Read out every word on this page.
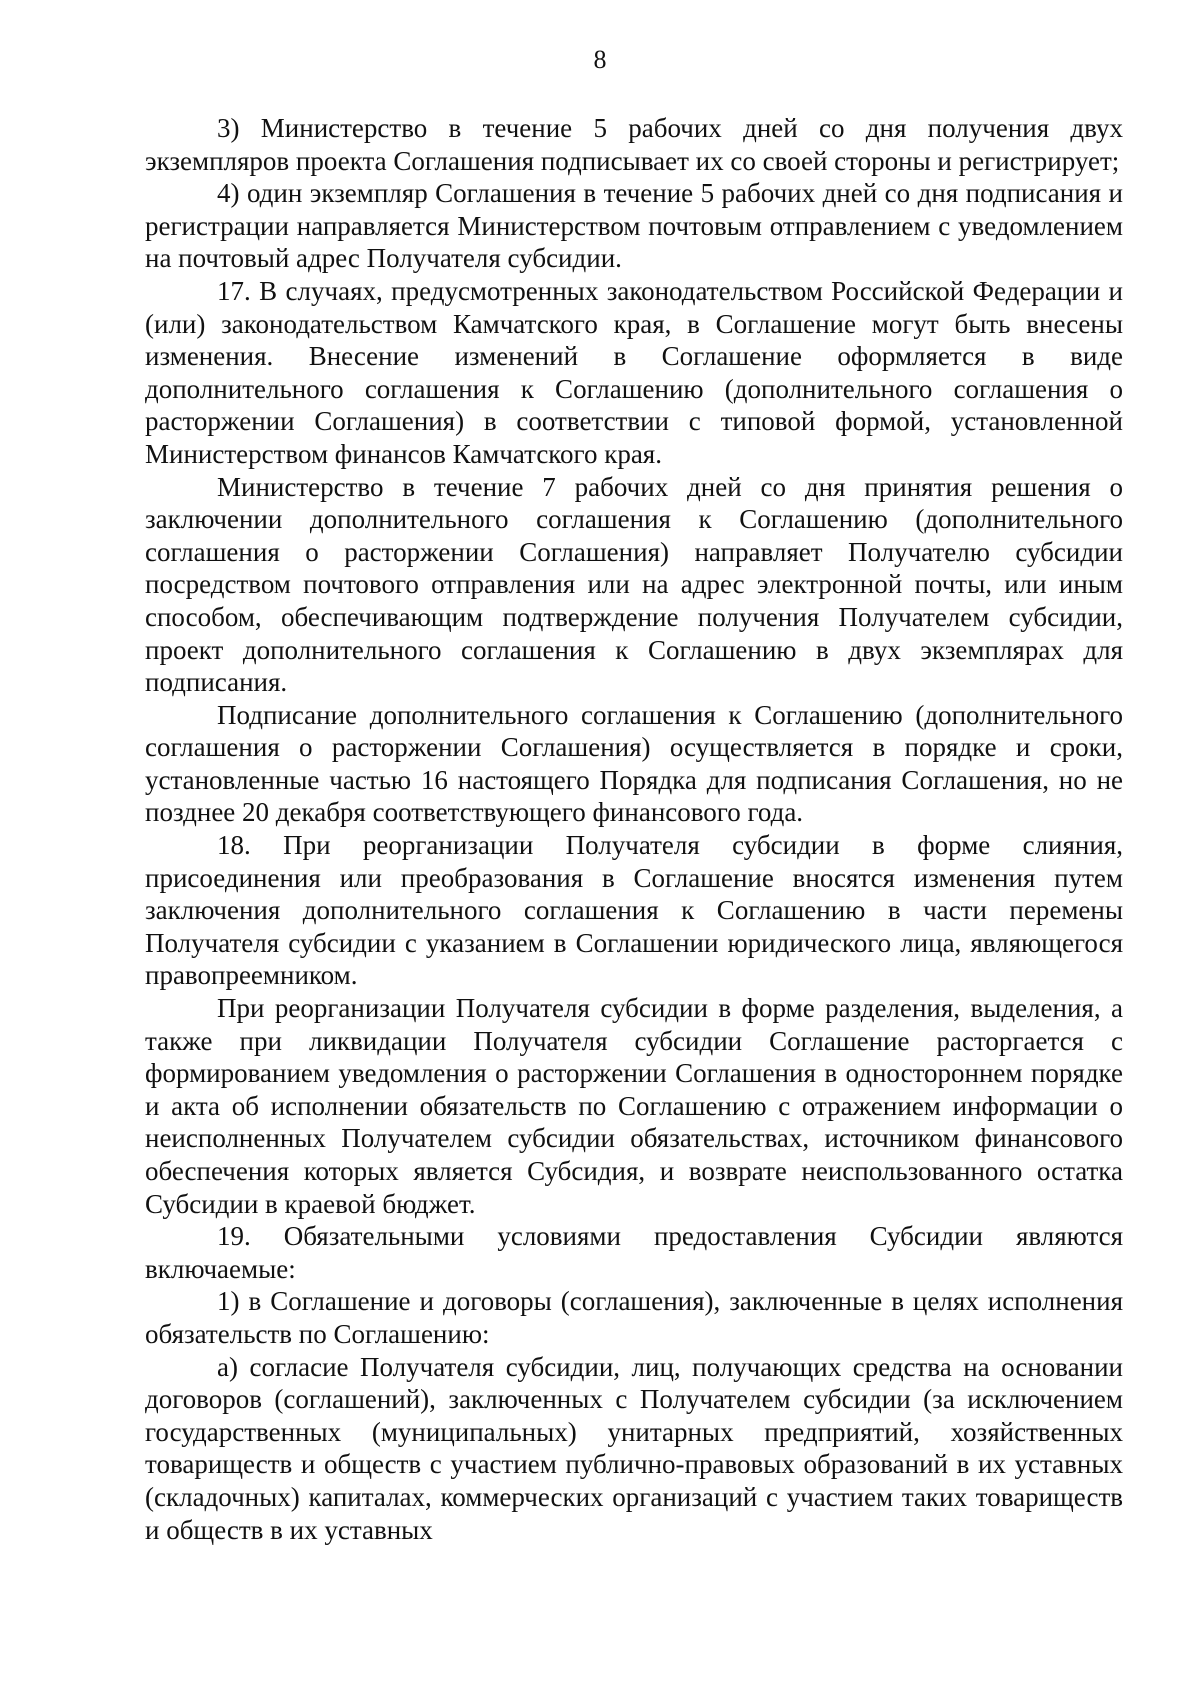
8

3) Министерство в течение 5 рабочих дней со дня получения двух экземпляров проекта Соглашения подписывает их со своей стороны и регистрирует;

4) один экземпляр Соглашения в течение 5 рабочих дней со дня подписания и регистрации направляется Министерством почтовым отправлением с уведомлением на почтовый адрес Получателя субсидии.

17. В случаях, предусмотренных законодательством Российской Федерации и (или) законодательством Камчатского края, в Соглашение могут быть внесены изменения. Внесение изменений в Соглашение оформляется в виде дополнительного соглашения к Соглашению (дополнительного соглашения о расторжении Соглашения) в соответствии с типовой формой, установленной Министерством финансов Камчатского края.

Министерство в течение 7 рабочих дней со дня принятия решения о заключении дополнительного соглашения к Соглашению (дополнительного соглашения о расторжении Соглашения) направляет Получателю субсидии посредством почтового отправления или на адрес электронной почты, или иным способом, обеспечивающим подтверждение получения Получателем субсидии, проект дополнительного соглашения к Соглашению в двух экземплярах для подписания.

Подписание дополнительного соглашения к Соглашению (дополнительного соглашения о расторжении Соглашения) осуществляется в порядке и сроки, установленные частью 16 настоящего Порядка для подписания Соглашения, но не позднее 20 декабря соответствующего финансового года.

18. При реорганизации Получателя субсидии в форме слияния, присоединения или преобразования в Соглашение вносятся изменения путем заключения дополнительного соглашения к Соглашению в части перемены Получателя субсидии с указанием в Соглашении юридического лица, являющегося правопреемником.

При реорганизации Получателя субсидии в форме разделения, выделения, а также при ликвидации Получателя субсидии Соглашение расторгается с формированием уведомления о расторжении Соглашения в одностороннем порядке и акта об исполнении обязательств по Соглашению с отражением информации о неисполненных Получателем субсидии обязательствах, источником финансового обеспечения которых является Субсидия, и возврате неиспользованного остатка Субсидии в краевой бюджет.

19. Обязательными условиями предоставления Субсидии являются включаемые:

1) в Соглашение и договоры (соглашения), заключенные в целях исполнения обязательств по Соглашению:

а) согласие Получателя субсидии, лиц, получающих средства на основании договоров (соглашений), заключенных с Получателем субсидии (за исключением государственных (муниципальных) унитарных предприятий, хозяйственных товариществ и обществ с участием публично-правовых образований в их уставных (складочных) капиталах, коммерческих организаций с участием таких товариществ и обществ в их уставных
